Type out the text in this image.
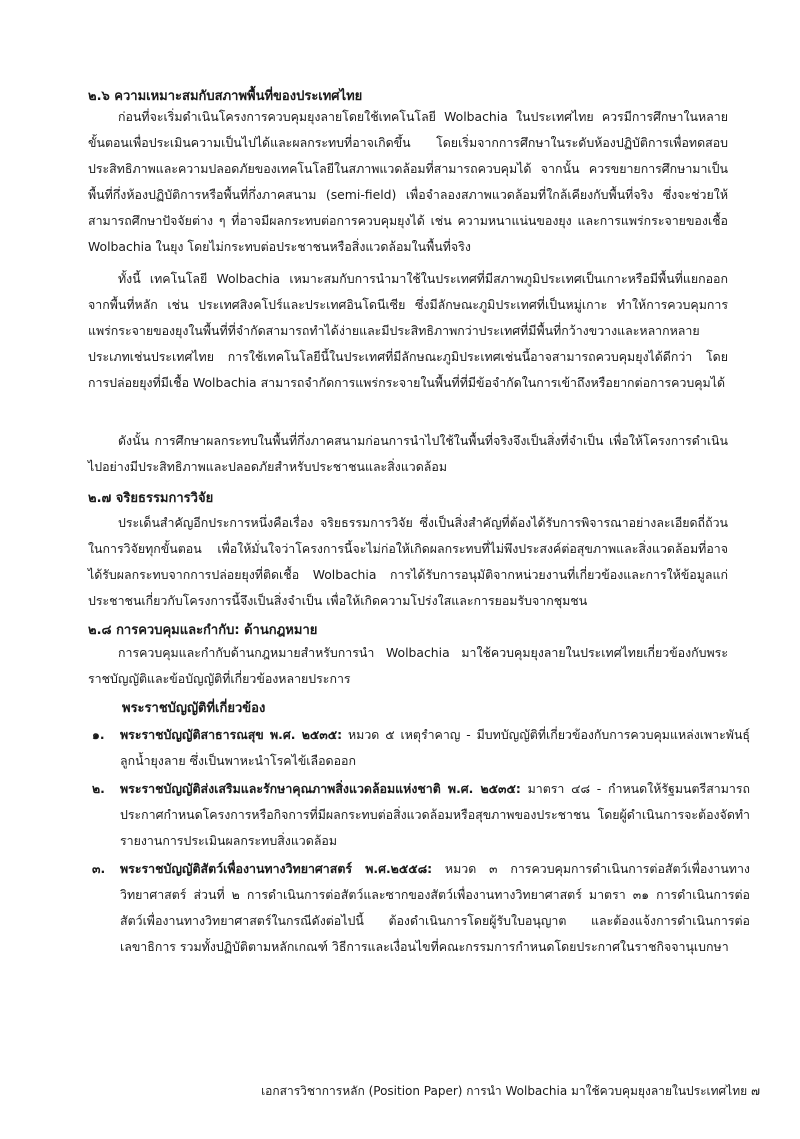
๒.๖ ความเหมาะสมกับสภาพพื้นที่ของประเทศไทย

ก่อนที่จะเริ่มดำเนินโครงการควบคุมยุงลายโดยใช้เทคโนโลยี Wolbachia ในประเทศไทย ควรมีการศึกษาในหลายขั้นตอนเพื่อประเมินความเป็นไปได้และผลกระทบที่อาจเกิดขึ้น โดยเริ่มจากการศึกษาในระดับห้องปฏิบัติการเพื่อทดสอบประสิทธิภาพและความปลอดภัยของเทคโนโลยีในสภาพแวดล้อมที่สามารถควบคุมได้ จากนั้น ควรขยายการศึกษามาเป็นพื้นที่กึ่งห้องปฏิบัติการหรือพื้นที่กึ่งภาคสนาม (semi-field) เพื่อจำลองสภาพแวดล้อมที่ใกล้เคียงกับพื้นที่จริง ซึ่งจะช่วยให้สามารถศึกษาปัจจัยต่าง ๆ ที่อาจมีผลกระทบต่อการควบคุมยุงได้ เช่น ความหนาแน่นของยุง และการแพร่กระจายของเชื้อ Wolbachia ในยุง โดยไม่กระทบต่อประชาชนหรือสิ่งแวดล้อมในพื้นที่จริง

ทั้งนี้ เทคโนโลยี Wolbachia เหมาะสมกับการนำมาใช้ในประเทศที่มีสภาพภูมิประเทศเป็นเกาะหรือมีพื้นที่แยกออกจากพื้นที่หลัก เช่น ประเทศสิงคโปร์และประเทศอินโดนีเซีย ซึ่งมีลักษณะภูมิประเทศที่เป็นหมู่เกาะ ทำให้การควบคุมการแพร่กระจายของยุงในพื้นที่ที่จำกัดสามารถทำได้ง่ายและมีประสิทธิภาพกว่าประเทศที่มีพื้นที่กว้างขวางและหลากหลายประเภทเช่นประเทศไทย การใช้เทคโนโลยีนี้ในประเทศที่มีลักษณะภูมิประเทศเช่นนี้อาจสามารถควบคุมยุงได้ดีกว่า โดยการปล่อยยุงที่มีเชื้อ Wolbachia สามารถจำกัดการแพร่กระจายในพื้นที่ที่มีข้อจำกัดในการเข้าถึงหรือยากต่อการควบคุมได้

ดังนั้น การศึกษาผลกระทบในพื้นที่กึ่งภาคสนามก่อนการนำไปใช้ในพื้นที่จริงจึงเป็นสิ่งที่จำเป็น เพื่อให้โครงการดำเนินไปอย่างมีประสิทธิภาพและปลอดภัยสำหรับประชาชนและสิ่งแวดล้อม

๒.๗ จริยธรรมการวิจัย

ประเด็นสำคัญอีกประการหนึ่งคือเรื่อง จริยธรรมการวิจัย ซึ่งเป็นสิ่งสำคัญที่ต้องได้รับการพิจารณาอย่างละเอียดถี่ถ้วนในการวิจัยทุกขั้นตอน เพื่อให้มั่นใจว่าโครงการนี้จะไม่ก่อให้เกิดผลกระทบที่ไม่พึงประสงค์ต่อสุขภาพและสิ่งแวดล้อมที่อาจได้รับผลกระทบจากการปล่อยยุงที่ติดเชื้อ Wolbachia การได้รับการอนุมัติจากหน่วยงานที่เกี่ยวข้องและการให้ข้อมูลแก่ประชาชนเกี่ยวกับโครงการนี้จึงเป็นสิ่งจำเป็น เพื่อให้เกิดความโปร่งใสและการยอมรับจากชุมชน

๒.๘ การควบคุมและกำกับ: ด้านกฎหมาย

การควบคุมและกำกับด้านกฎหมายสำหรับการนำ Wolbachia มาใช้ควบคุมยุงลายในประเทศไทยเกี่ยวข้องกับพระราชบัญญัติและข้อบัญญัติที่เกี่ยวข้องหลายประการ

พระราชบัญญัติที่เกี่ยวข้อง
๑. พระราชบัญญัติสาธารณสุข พ.ศ. ๒๕๓๕: หมวด ๕ เหตุรำคาญ - มีบทบัญญัติที่เกี่ยวข้องกับการควบคุมแหล่งเพาะพันธุ์ลูกน้ำยุงลาย ซึ่งเป็นพาหะนำโรคไข้เลือดออก
๒. พระราชบัญญัติส่งเสริมและรักษาคุณภาพสิ่งแวดล้อมแห่งชาติ พ.ศ. ๒๕๓๕: มาตรา ๔๘ - กำหนดให้รัฐมนตรีสามารถประกาศกำหนดโครงการหรือกิจการที่มีผลกระทบต่อสิ่งแวดล้อมหรือสุขภาพของประชาชน โดยผู้ดำเนินการจะต้องจัดทำรายงานการประเมินผลกระทบสิ่งแวดล้อม
๓. พระราชบัญญัติสัตว์เพื่องานทางวิทยาศาสตร์ พ.ศ.๒๕๕๘: หมวด ๓ การควบคุมการดำเนินการต่อสัตว์เพื่องานทางวิทยาศาสตร์ ส่วนที่ ๒ การดำเนินการต่อสัตว์และซากของสัตว์เพื่องานทางวิทยาศาสตร์ มาตรา ๓๑ การดำเนินการต่อสัตว์เพื่องานทางวิทยาศาสตร์ในกรณีดังต่อไปนี้ ต้องดำเนินการโดยผู้รับใบอนุญาต และต้องแจ้งการดำเนินการต่อเลขาธิการ รวมทั้งปฏิบัติตามหลักเกณฑ์ วิธีการและเงื่อนไขที่คณะกรรมการกำหนดโดยประกาศในราชกิจจานุเบกษา
เอกสารวิชาการหลัก (Position Paper) การนำ Wolbachia มาใช้ควบคุมยุงลายในประเทศไทย ๗
